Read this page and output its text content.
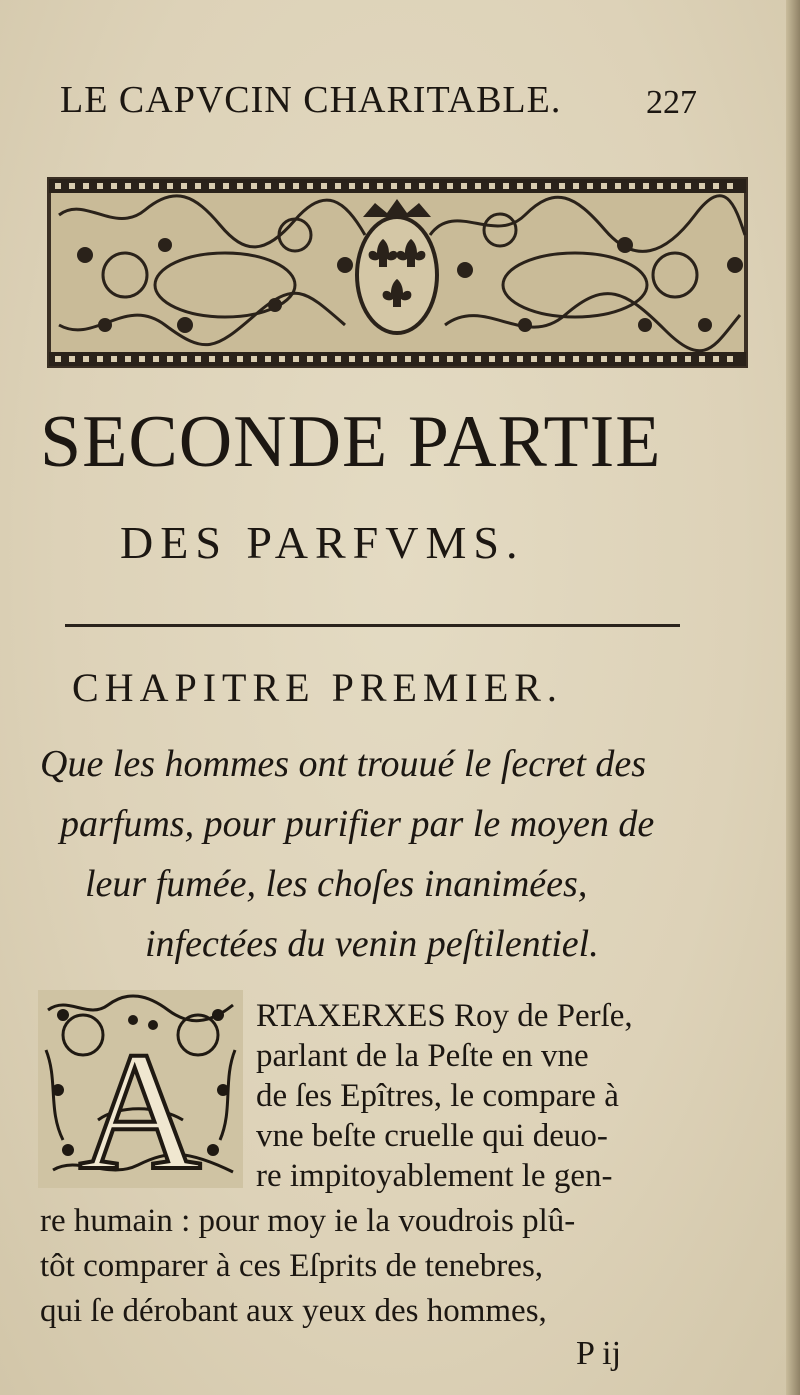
LE CAPVCIN CHARITABLE. 227
SECONDE PARTIE
DES PARFVMS.
CHAPITRE PREMIER.
Que les hommes ont trouué le ſecret des
parfums, pour purifier par le moyen de
leur fumée, les choſes inanimées,
infectées du venin peſtilentiel.
A
RTAXERXES Roy de Perſe,
parlant de la Peſte en vne
de ſes Epîtres, le compare à
vne beſte cruelle qui deuo-
re impitoyablement le gen-
re humain : pour moy ie la voudrois plû-
tôt comparer à ces Eſprits de tenebres,
qui ſe dérobant aux yeux des hommes,
P ij
